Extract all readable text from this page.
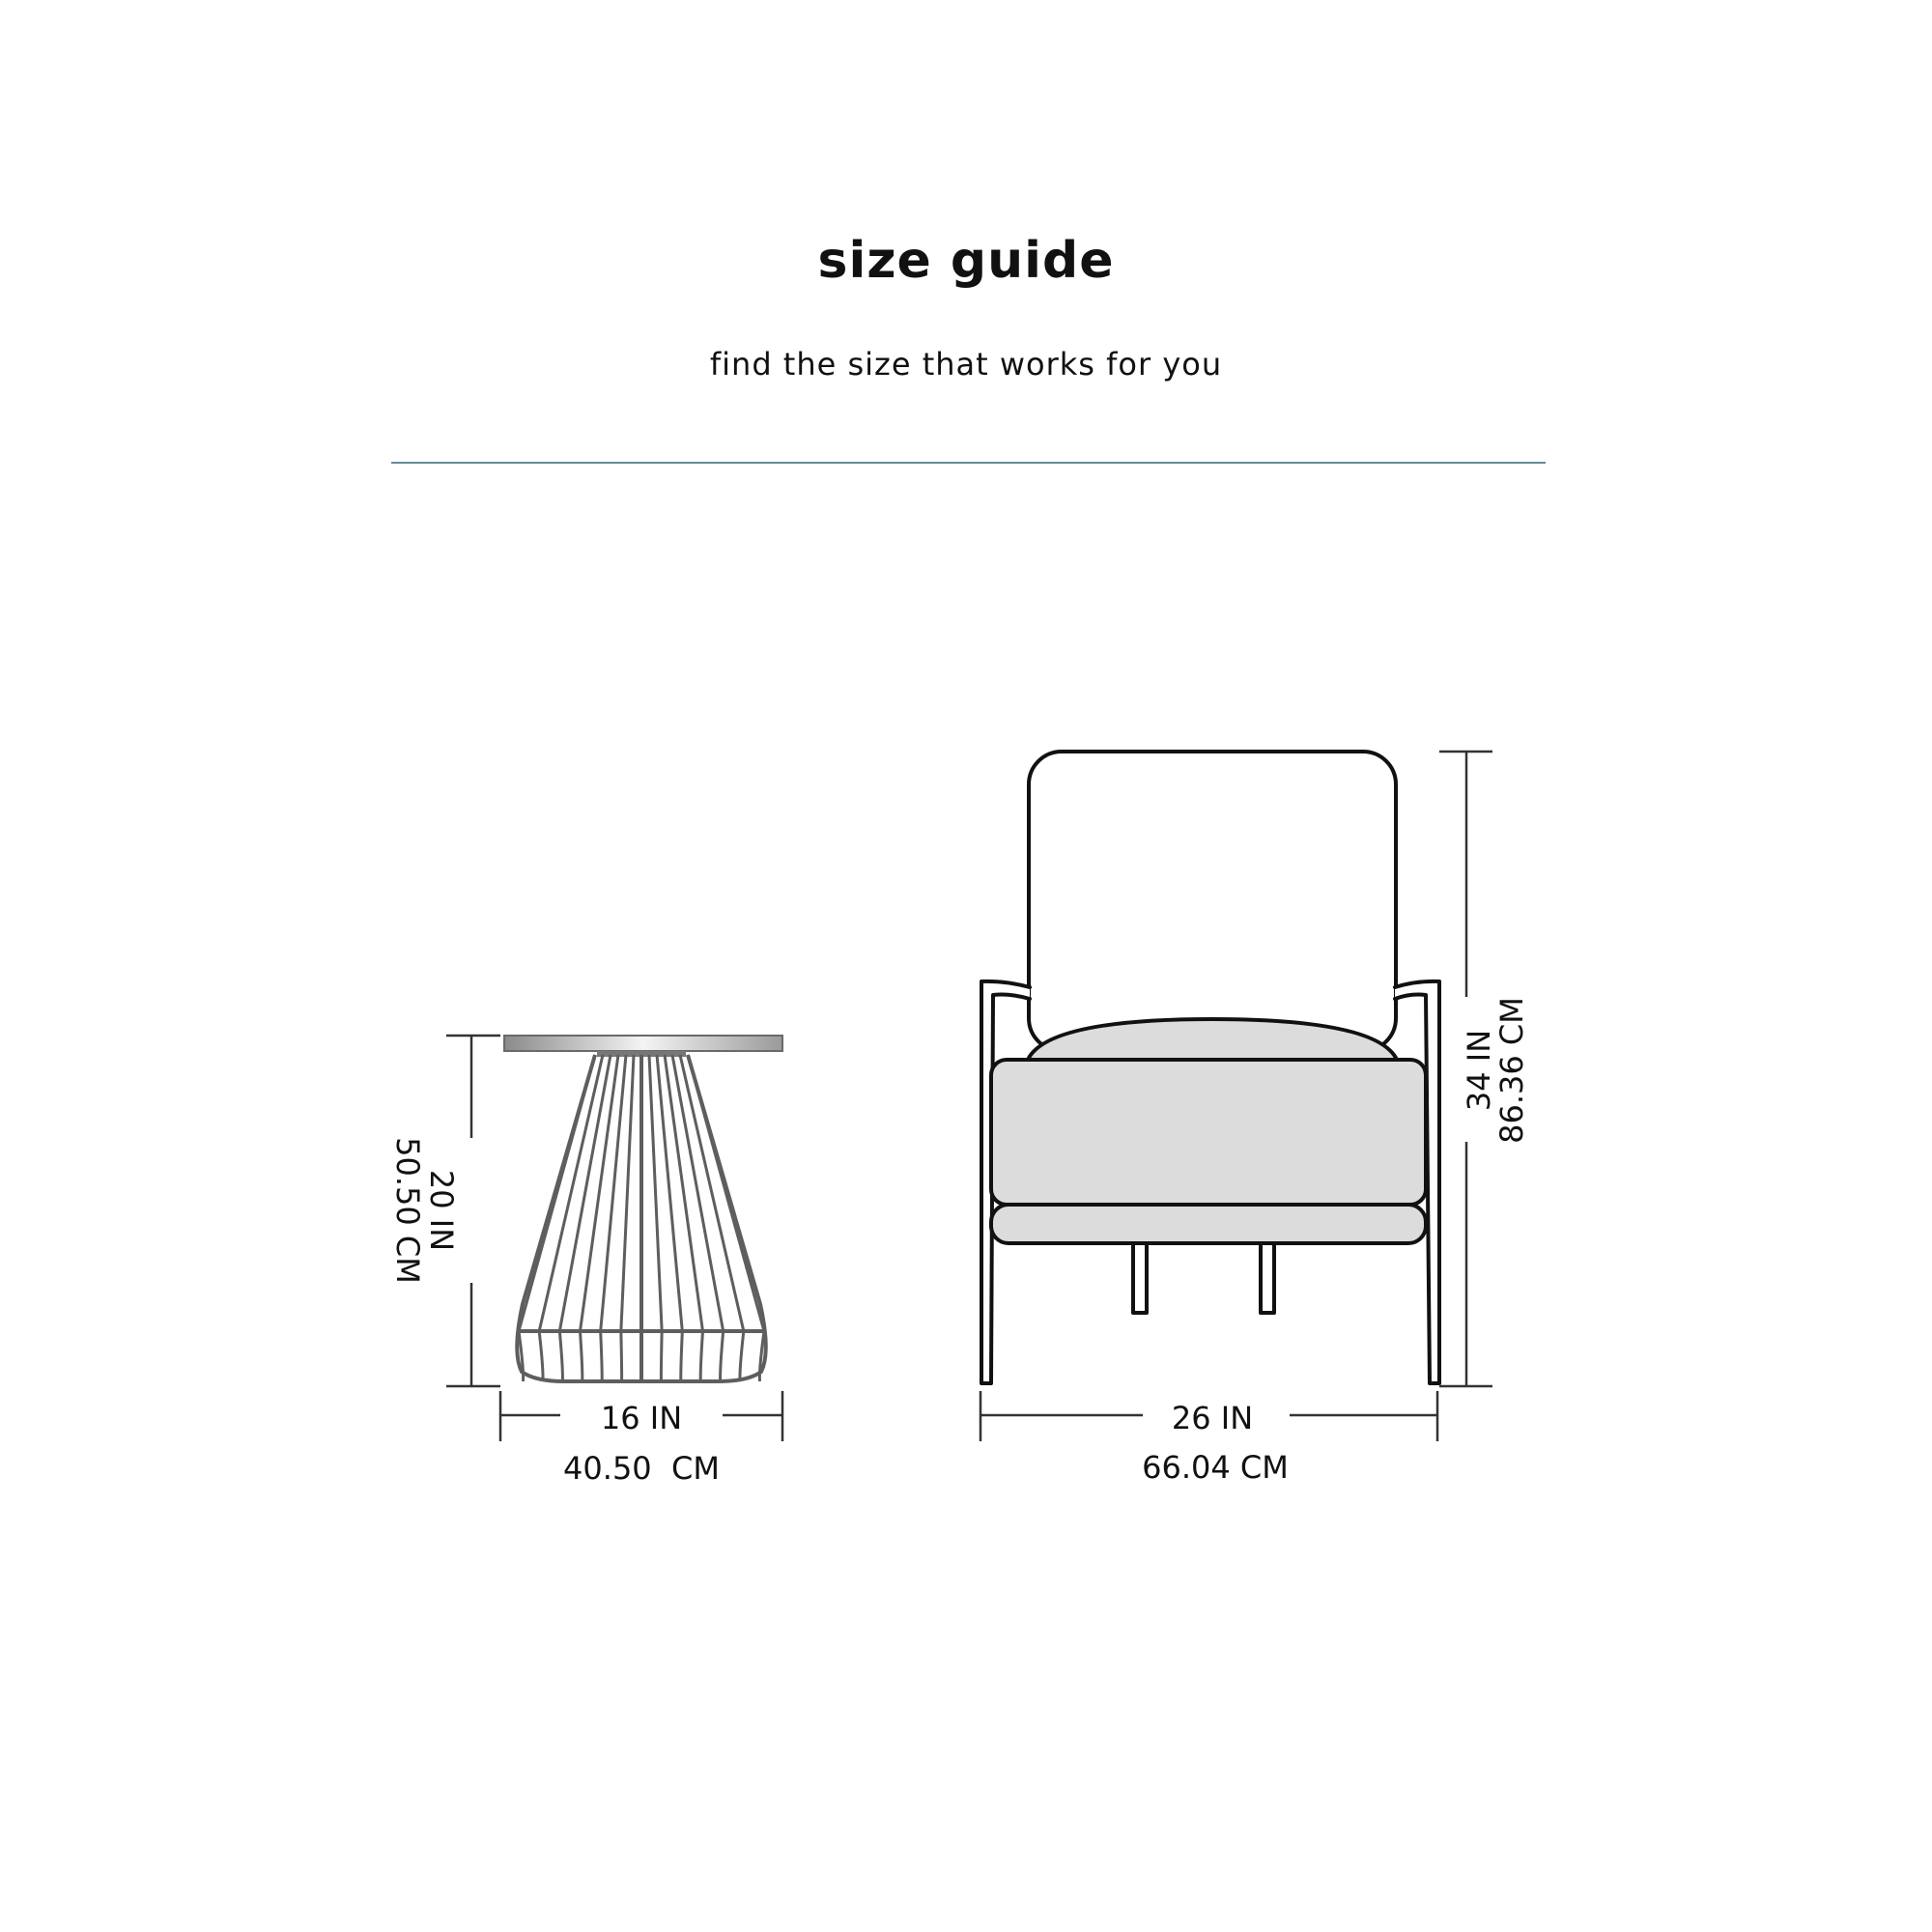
size guide
find the size that works for you
20 IN
50.50 CM
16 IN
40.50  CM
34 IN
86.36 CM
26 IN
66.04 CM
